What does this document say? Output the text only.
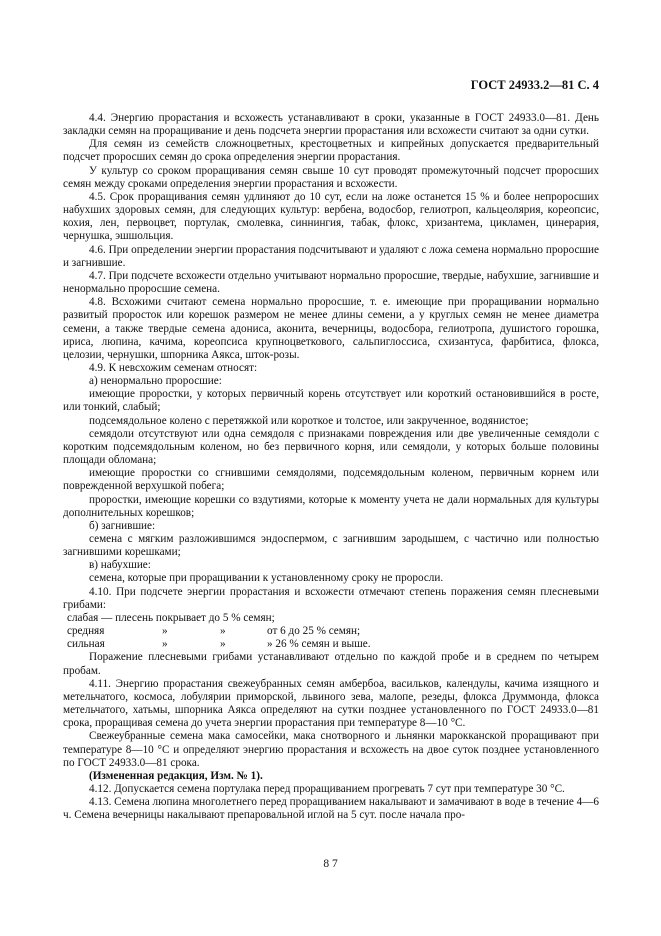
ГОСТ 24933.2—81 С. 4

4.4. Энергию прорастания и всхожесть устанавливают в сроки, указанные в ГОСТ 24933.0—81. День закладки семян на проращивание и день подсчета энергии прорастания или всхожести считают за одни сутки.

Для семян из семейств сложноцветных, крестоцветных и кипрейных допускается предварительный подсчет проросших семян до срока определения энергии прорастания.

У культур со сроком проращивания семян свыше 10 сут проводят промежуточный подсчет проросших семян между сроками определения энергии прорастания и всхожести.

4.5. Срок проращивания семян удлиняют до 10 сут, если на ложе останется 15 % и более непроросших набухших здоровых семян, для следующих культур: вербена, водосбор, гелиотроп, кальцеолярия, кореопсис, кохия, лен, первоцвет, портулак, смолевка, синнингия, табак, флокс, хризантема, цикламен, цинерария, чернушка, эшшольция.

4.6. При определении энергии прорастания подсчитывают и удаляют с ложа семена нормально проросшие и загнившие.

4.7. При подсчете всхожести отдельно учитывают нормально проросшие, твердые, набухшие, загнившие и ненормально проросшие семена.

4.8. Всхожими считают семена нормально проросшие, т. е. имеющие при проращивании нормально развитый проросток или корешок размером не менее длины семени, а у круглых семян не менее диаметра семени, а также твердые семена адониса, аконита, вечерницы, водосбора, гелиотропа, душистого горошка, ириса, люпина, качима, кореопсиса крупноцветкового, сальпиглоссиса, схизантуса, фарбитиса, флокса, целозии, чернушки, шпорника Аякса, шток-розы.

4.9. К невсхожим семенам относят:

а) ненормально проросшие:

имеющие проростки, у которых первичный корень отсутствует или короткий остановившийся в росте, или тонкий, слабый;

подсемядольное колено с перетяжкой или короткое и толстое, или закрученное, водянистое;

семядоли отсутствуют или одна семядоля с признаками повреждения или две увеличенные семядоли с коротким подсемядольным коленом, но без первичного корня, или семядоли, у которых больше половины площади обломана;

имеющие проростки со сгнившими семядолями, подсемядольным коленом, первичным корнем или поврежденной верхушкой побега;

проростки, имеющие корешки со вздутиями, которые к моменту учета не дали нормальных для культуры дополнительных корешков;

б) загнившие:

семена с мягким разложившимся эндоспермом, с загнившим зародышем, с частично или полностью загнившими корешками;

в) набухшие:

семена, которые при проращивании к установленному сроку не проросли.

4.10. При подсчете энергии прорастания и всхожести отмечают степень поражения семян плесневыми грибами:

слабая — плесень покрывает до 5 % семян;
средняя	»	»	от 6 до 25 % семян;
сильная	»	»	» 26 % семян и выше.

Поражение плесневыми грибами устанавливают отдельно по каждой пробе и в среднем по четырем пробам.

4.11. Энергию прорастания свежеубранных семян амбербоа, васильков, календулы, качима изящного и метельчатого, космоса, лобулярии приморской, львиного зева, малопе, резеды, флокса Друммонда, флокса метельчатого, хатьмы, шпорника Аякса определяют на сутки позднее установленного по ГОСТ 24933.0—81 срока, проращивая семена до учета энергии прорастания при температуре 8—10 °С.

Свежеубранные семена мака самосейки, мака снотворного и льнянки марокканской проращивают при температуре 8—10 °С и определяют энергию прорастания и всхожесть на двое суток позднее установленного по ГОСТ 24933.0—81 срока.

(Измененная редакция, Изм. № 1).

4.12. Допускается семена портулака перед проращиванием прогревать 7 сут при температуре 30 °С.

4.13. Семена люпина многолетнего перед проращиванием накалывают и замачивают в воде в течение 4—6 ч. Семена вечерницы накалывают препаровальной иглой на 5 сут. после начала про-

8 7
